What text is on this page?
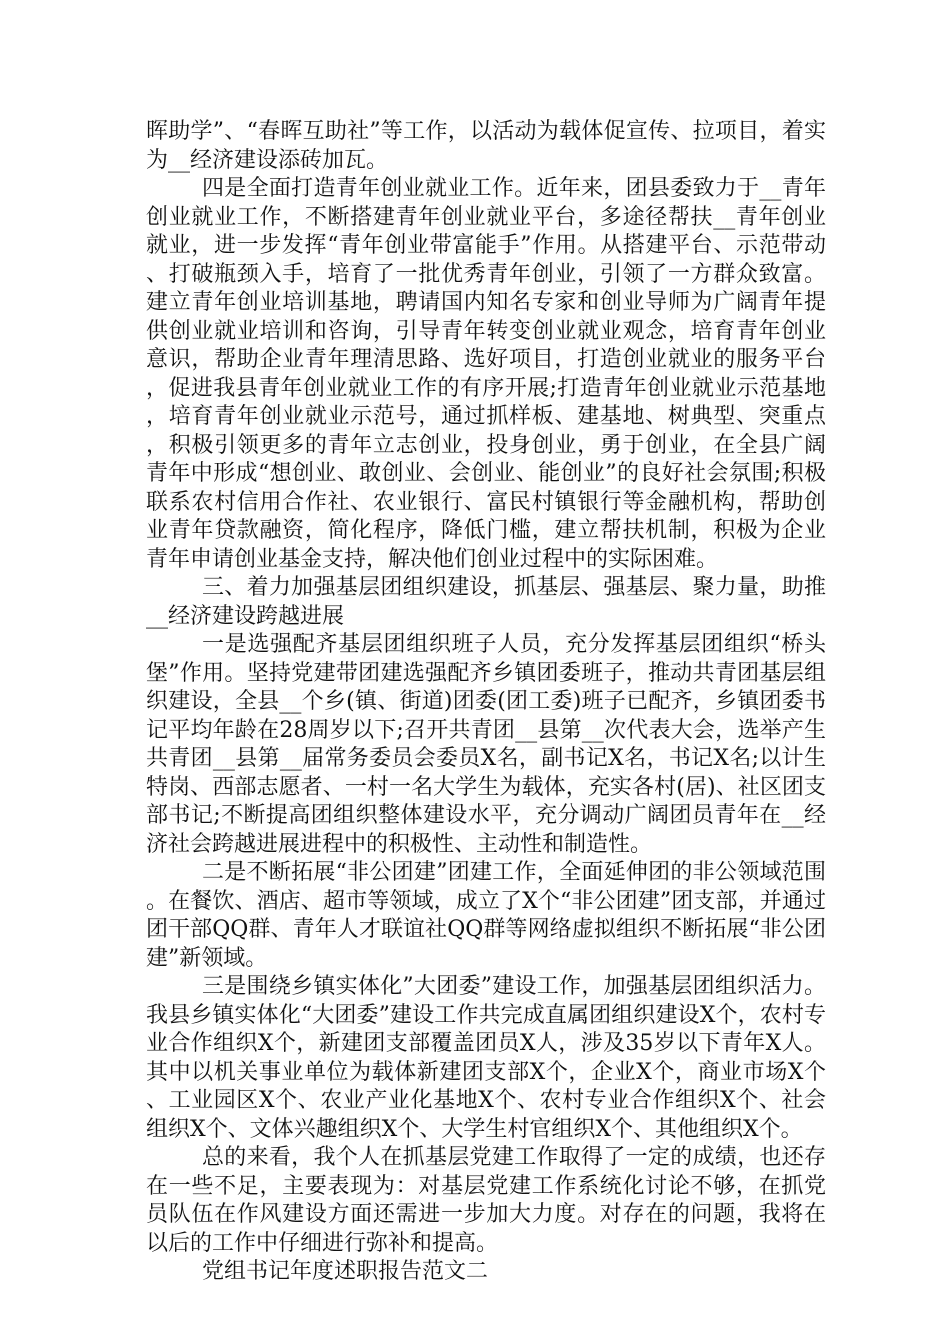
晖助学”、“春晖互助社”等工作，以活动为载体促宣传、拉项目，着实为__经济建设添砖加瓦。

四是全面打造青年创业就业工作。近年来，团县委致力于__青年创业就业工作，不断搭建青年创业就业平台，多途径帮扶__青年创业就业，进一步发挥“青年创业带富能手”作用。从搭建平台、示范带动、打破瓶颈入手，培育了一批优秀青年创业，引领了一方群众致富。建立青年创业培训基地，聘请国内知名专家和创业导师为广阔青年提供创业就业培训和咨询，引导青年转变创业就业观念，培育青年创业意识，帮助企业青年理清思路、选好项目，打造创业就业的服务平台，促进我县青年创业就业工作的有序开展;打造青年创业就业示范基地，培育青年创业就业示范号，通过抓样板、建基地、树典型、突重点，积极引领更多的青年立志创业，投身创业，勇于创业，在全县广阔青年中形成“想创业、敢创业、会创业、能创业”的良好社会氛围;积极联系农村信用合作社、农业银行、富民村镇银行等金融机构，帮助创业青年贷款融资，简化程序，降低门槛，建立帮扶机制，积极为企业青年申请创业基金支持，解决他们创业过程中的实际困难。

三、着力加强基层团组织建设，抓基层、强基层、聚力量，助推__经济建设跨越进展

一是选强配齐基层团组织班子人员，充分发挥基层团组织“桥头堡”作用。坚持党建带团建选强配齐乡镇团委班子，推动共青团基层组织建设，全县__个乡(镇、街道)团委(团工委)班子已配齐，乡镇团委书记平均年龄在28周岁以下;召开共青团__县第__次代表大会，选举产生共青团__县第__届常务委员会委员X名，副书记X名，书记X名;以计生特岗、西部志愿者、一村一名大学生为载体，充实各村(居)、社区团支部书记;不断提高团组织整体建设水平，充分调动广阔团员青年在__经济社会跨越进展进程中的积极性、主动性和制造性。

二是不断拓展“非公团建”团建工作，全面延伸团的非公领域范围。在餐饮、酒店、超市等领域，成立了X个“非公团建”团支部，并通过团干部QQ群、青年人才联谊社QQ群等网络虚拟组织不断拓展“非公团建”新领域。

三是围绕乡镇实体化”大团委”建设工作，加强基层团组织活力。我县乡镇实体化“大团委”建设工作共完成直属团组织建设X个，农村专业合作组织X个，新建团支部覆盖团员X人，涉及35岁以下青年X人。其中以机关事业单位为载体新建团支部X个，企业X个，商业市场X个、工业园区X个、农业产业化基地X个、农村专业合作组织X个、社会组织X个、文体兴趣组织X个、大学生村官组织X个、其他组织X个。

总的来看，我个人在抓基层党建工作取得了一定的成绩，也还存在一些不足，主要表现为：对基层党建工作系统化讨论不够，在抓党员队伍在作风建设方面还需进一步加大力度。对存在的问题，我将在以后的工作中仔细进行弥补和提高。

党组书记年度述职报告范文二
